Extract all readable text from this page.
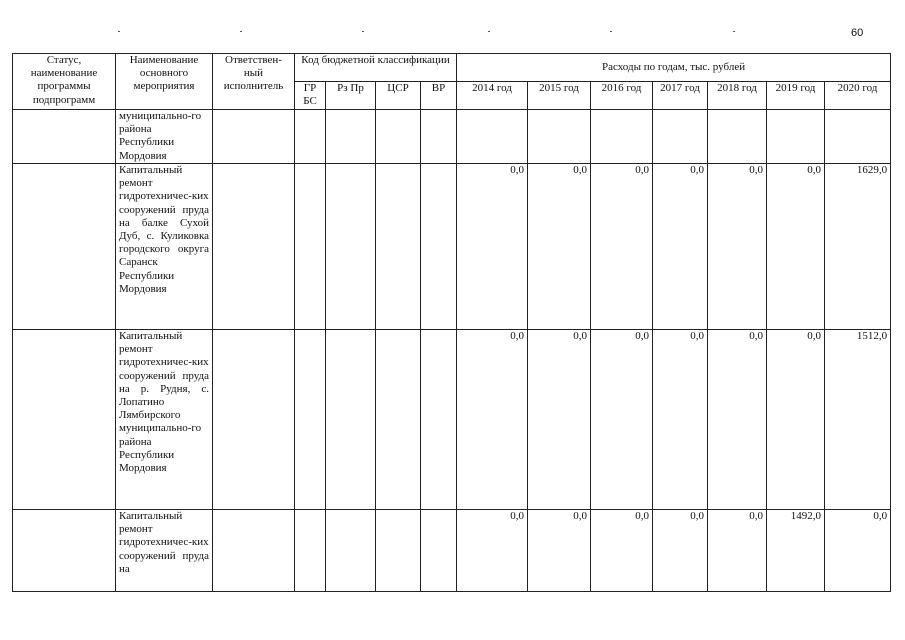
60
Статус, наименование программы подпрограмм	Наименование основного мероприятия	Ответствен-ный исполнитель	Код бюджетной классификации				Расходы по годам, тыс. рублей						
			ГР БС	Рз Пр	ЦСР	ВР	2014 год	2015 год	2016 год	2017 год	2018 год	2019 год	2020 год
	муниципально-го района Республики Мордовия												
	Капитальный ремонт гидротехничес-ких сооружений пруда на балке Сухой Дуб, с. Куликовка городского округа Саранск Республики Мордовия						0,0	0,0	0,0	0,0	0,0	0,0	1629,0
	Капитальный ремонт гидротехничес-ких сооружений пруда на р. Рудня, с. Лопатино Лямбирского муниципально-го района Республики Мордовия						0,0	0,0	0,0	0,0	0,0	0,0	1512,0
	Капитальный ремонт гидротехничес-ких сооружений пруда на						0,0	0,0	0,0	0,0	0,0	1492,0	0,0
